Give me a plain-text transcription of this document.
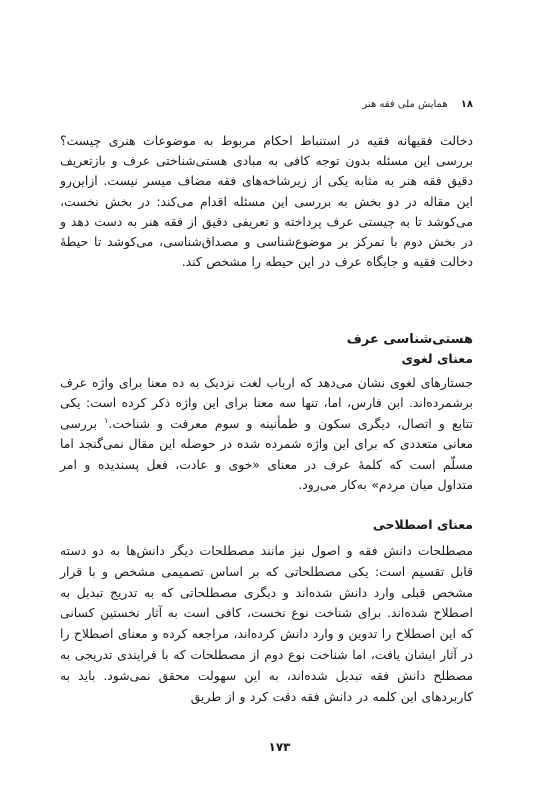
۱۸ همایش ملی فقه هنر

دخالت فقیهانه فقیه در استنباط احکام مربوط به موضوعات هنری چیست؟ بررسی این مسئله بدون توجه کافی به مبادی هستی‌شناختی عرف و بازتعریف دقیق فقه هنر به مثابه یکی از زیرشاخه‌های فقه مضاف میسر نیست. ازاین‌رو این مقاله در دو بخش به بررسی این مسئله اقدام می‌کند: در بخش نخست، می‌کوشد تا به چیستی عرف پرداخته و تعریفی دقیق از فقه هنر به دست دهد و در بخش دوم با تمرکز بر موضوع‌شناسی و مصداق‌شناسی، می‌کوشد تا حیطهٔ دخالت فقیه و جایگاه عرف در این حیطه را مشخص کند.

هستی‌شناسی عرف
معنای لغوی

جستارهای لغوی نشان می‌دهد که ارباب لغت نزدیک به ده معنا برای واژه عرف برشمرده‌اند. ابن فارس، اما، تنها سه معنا برای این واژه ذکر کرده است: یکی تتابع و اتصال، دیگری سکون و طمأنینه و سوم معرفت و شناخت.$^۱$ بررسی معانی متعددی که برای این واژه شمرده شده در حوصله این مقال نمی‌گنجد اما مسلّم است که کلمهٔ عرف در معنای «خوی و عادت، فعل پسندیده و امر متداول میان مردم» به‌کار می‌رود.

معنای اصطلاحی

مصطلحات دانش فقه و اصول نیز مانند مصطلحات دیگر دانش‌ها به دو دسته قابل تقسیم است: یکی مصطلحاتی که بر اساس تصمیمی مشخص و با قرار مشخص قبلی وارد دانش شده‌اند و دیگری مصطلحاتی که به تدریج تبدیل به اصطلاح شده‌اند. برای شناخت نوع نخست، کافی است به آثار نخستین کسانی که این اصطلاح را تدوین و وارد دانش کرده‌اند، مراجعه کرده و معنای اصطلاح را در آثار ایشان یافت، اما شناخت نوع دوم از مصطلحات که با فرایندی تدریجی به مصطلح دانش فقه تبدیل شده‌اند، به این سهولت محقق نمی‌شود. باید به کاربردهای این کلمه در دانش فقه دقت کرد و از طریق

۱۷۳
